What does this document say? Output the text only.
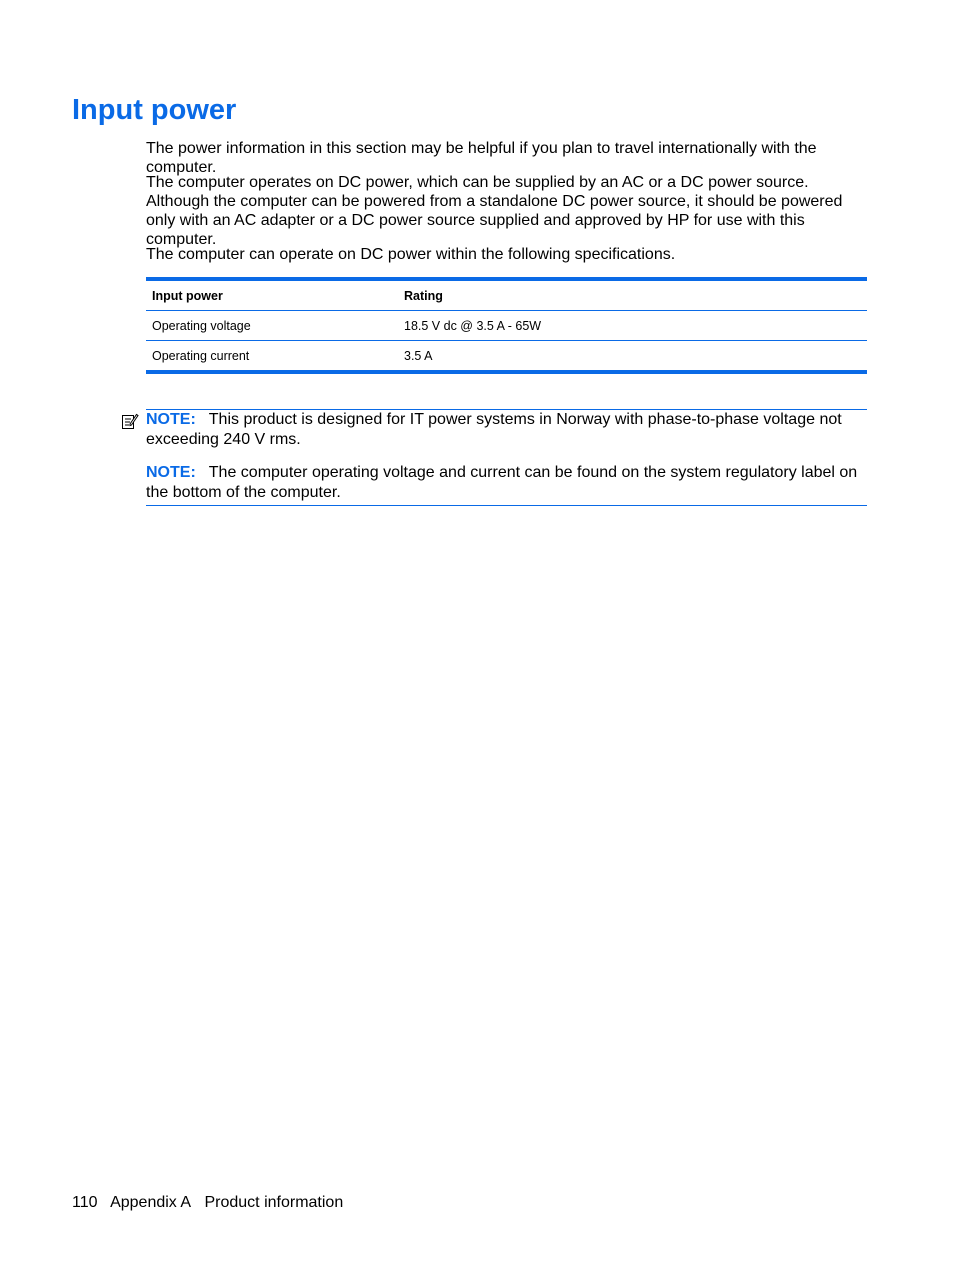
Input power

The power information in this section may be helpful if you plan to travel internationally with the computer.

The computer operates on DC power, which can be supplied by an AC or a DC power source. Although the computer can be powered from a standalone DC power source, it should be powered only with an AC adapter or a DC power source supplied and approved by HP for use with this computer.

The computer can operate on DC power within the following specifications.

Input power	Rating
Operating voltage	18.5 V dc @ 3.5 A - 65W
Operating current	3.5 A

NOTE: This product is designed for IT power systems in Norway with phase-to-phase voltage not exceeding 240 V rms.

NOTE: The computer operating voltage and current can be found on the system regulatory label on the bottom of the computer.

110 Appendix A Product information
